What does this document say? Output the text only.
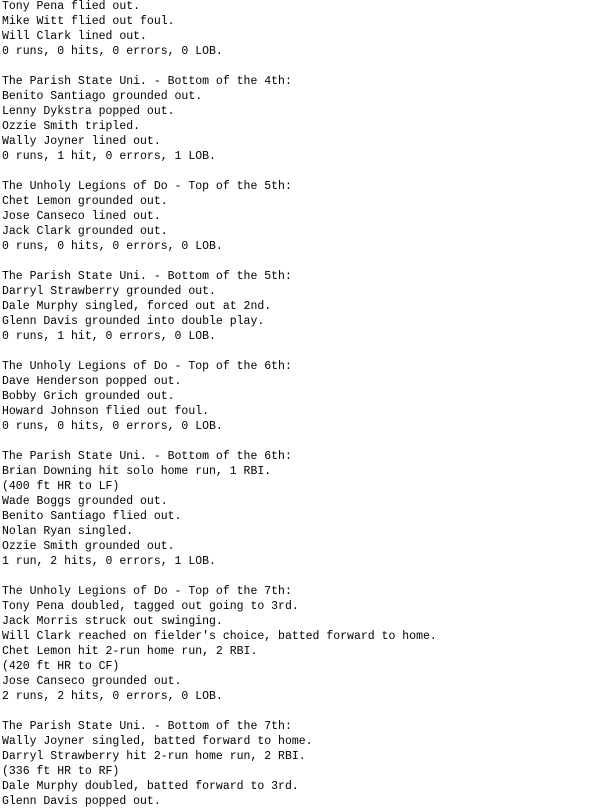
Tony Pena flied out.
Mike Witt flied out foul.
Will Clark lined out.
0 runs, 0 hits, 0 errors, 0 LOB.
The Parish State Uni. - Bottom of the 4th:
Benito Santiago grounded out.
Lenny Dykstra popped out.
Ozzie Smith tripled.
Wally Joyner lined out.
0 runs, 1 hit, 0 errors, 1 LOB.
The Unholy Legions of Do - Top of the 5th:
Chet Lemon grounded out.
Jose Canseco lined out.
Jack Clark grounded out.
0 runs, 0 hits, 0 errors, 0 LOB.
The Parish State Uni. - Bottom of the 5th:
Darryl Strawberry grounded out.
Dale Murphy singled, forced out at 2nd.
Glenn Davis grounded into double play.
0 runs, 1 hit, 0 errors, 0 LOB.
The Unholy Legions of Do - Top of the 6th:
Dave Henderson popped out.
Bobby Grich grounded out.
Howard Johnson flied out foul.
0 runs, 0 hits, 0 errors, 0 LOB.
The Parish State Uni. - Bottom of the 6th:
Brian Downing hit solo home run, 1 RBI.
(400 ft HR to LF)
Wade Boggs grounded out.
Benito Santiago flied out.
Nolan Ryan singled.
Ozzie Smith grounded out.
1 run, 2 hits, 0 errors, 1 LOB.
The Unholy Legions of Do - Top of the 7th:
Tony Pena doubled, tagged out going to 3rd.
Jack Morris struck out swinging.
Will Clark reached on fielder's choice, batted forward to home.
Chet Lemon hit 2-run home run, 2 RBI.
(420 ft HR to CF)
Jose Canseco grounded out.
2 runs, 2 hits, 0 errors, 0 LOB.
The Parish State Uni. - Bottom of the 7th:
Wally Joyner singled, batted forward to home.
Darryl Strawberry hit 2-run home run, 2 RBI.
(336 ft HR to RF)
Dale Murphy doubled, batted forward to 3rd.
Glenn Davis popped out.
